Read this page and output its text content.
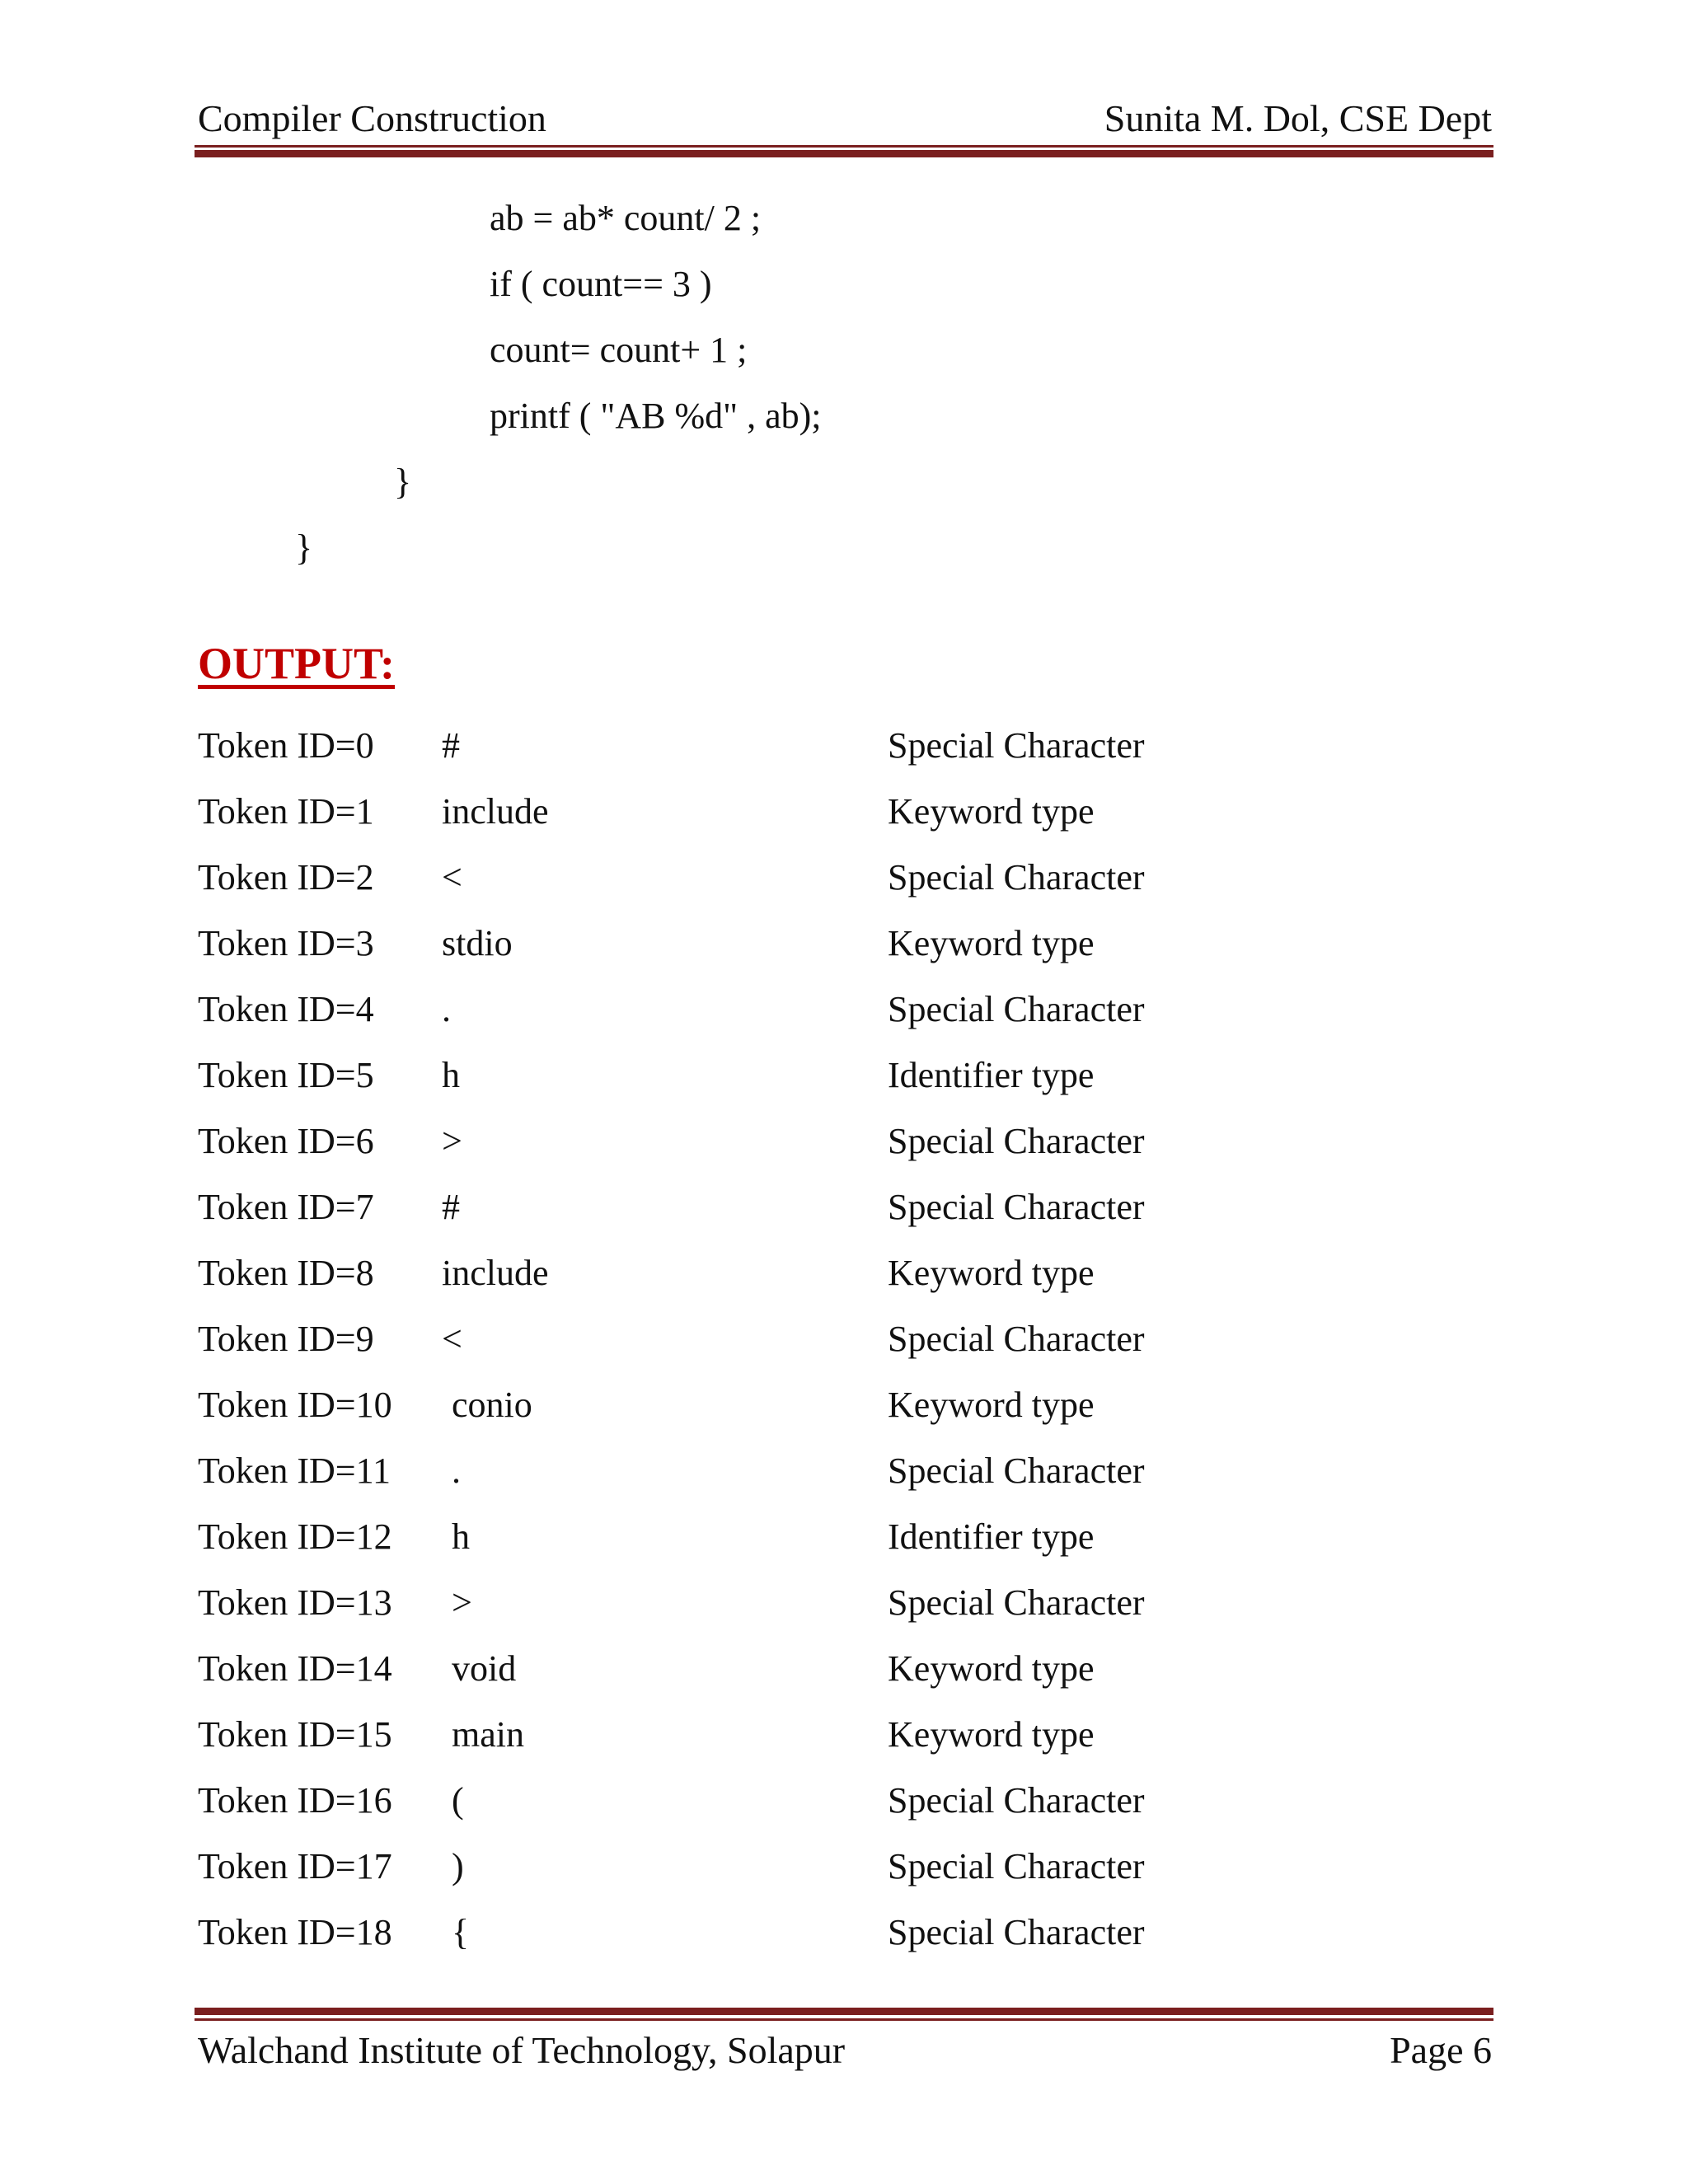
Compiler Construction	Sunita M. Dol, CSE Dept
ab = ab* count/ 2 ;
if ( count== 3 )
count= count+ 1 ;
printf ( "AB %d" , ab);
}
}
OUTPUT:
Token ID=0 #	Special Character
Token ID=1 include	Keyword type
Token ID=2 <	Special Character
Token ID=3 stdio	Keyword type
Token ID=4 .	Special Character
Token ID=5 h	Identifier type
Token ID=6 >	Special Character
Token ID=7 #	Special Character
Token ID=8 include	Keyword type
Token ID=9 <	Special Character
Token ID=10 conio	Keyword type
Token ID=11 .	Special Character
Token ID=12 h	Identifier type
Token ID=13 >	Special Character
Token ID=14 void	Keyword type
Token ID=15 main	Keyword type
Token ID=16 (	Special Character
Token ID=17 )	Special Character
Token ID=18 {	Special Character
Walchand Institute of Technology, Solapur	Page 6
